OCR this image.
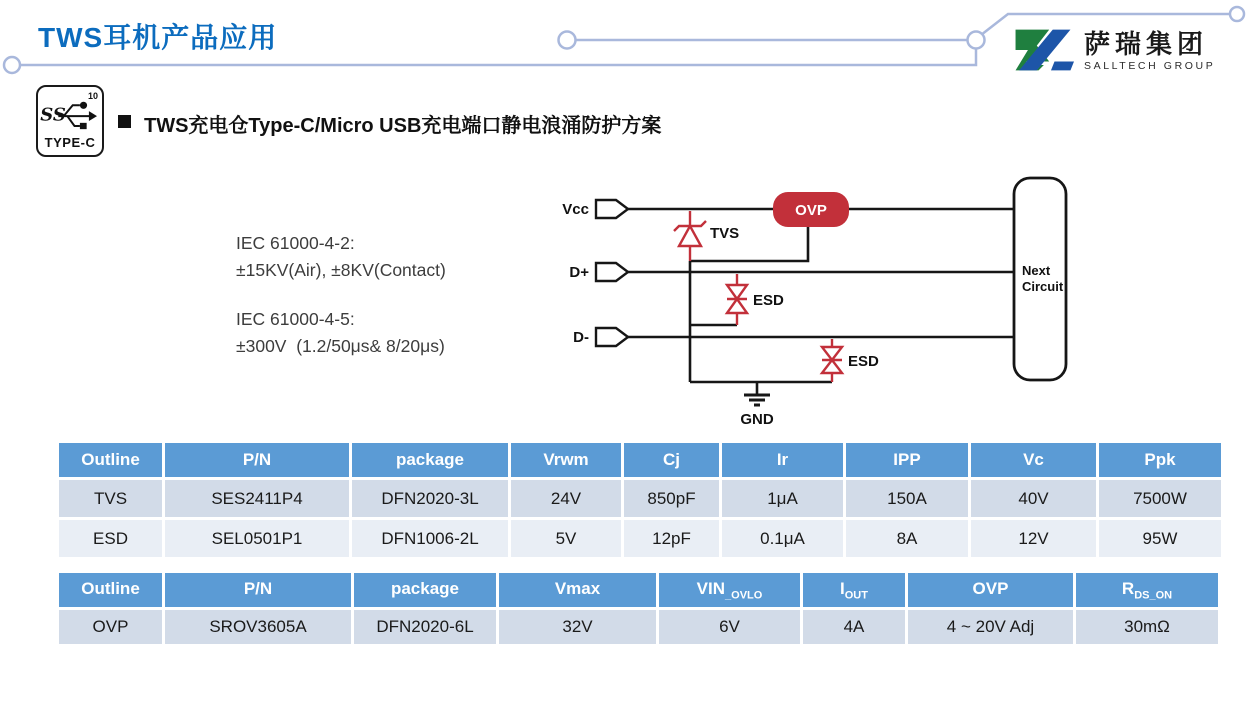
TWS耳机产品应用	萨瑞集团
SALLTECH GROUP
SS
10
TYPE-C
TWS充电仓Type-C/Micro USB充电端口静电浪涌防护方案
IEC 61000-4-2:
±15KV(Air), ±8KV(Contact)
IEC 61000-4-5:
±300V  (1.2/50μs& 8/20μs)
Vcc
D+
D-
TVS
ESD
ESD
OVP
GND
Next
Circuit
Outline	P/N	package	Vrwm	Cj	Ir	IPP	Vc	Ppk
TVS	SES2411P4	DFN2020-3L	24V	850pF	1μA	150A	40V	7500W
ESD	SEL0501P1	DFN1006-2L	5V	12pF	0.1μA	8A	12V	95W
Outline	P/N	package	Vmax	$VIN_{\_OVLO}$	$I_{OUT}$	OVP	$R_{DS\_ON}$
OVP	SROV3605A	DFN2020-6L	32V	6V	4A	4 ~ 20V Adj	30mΩ
